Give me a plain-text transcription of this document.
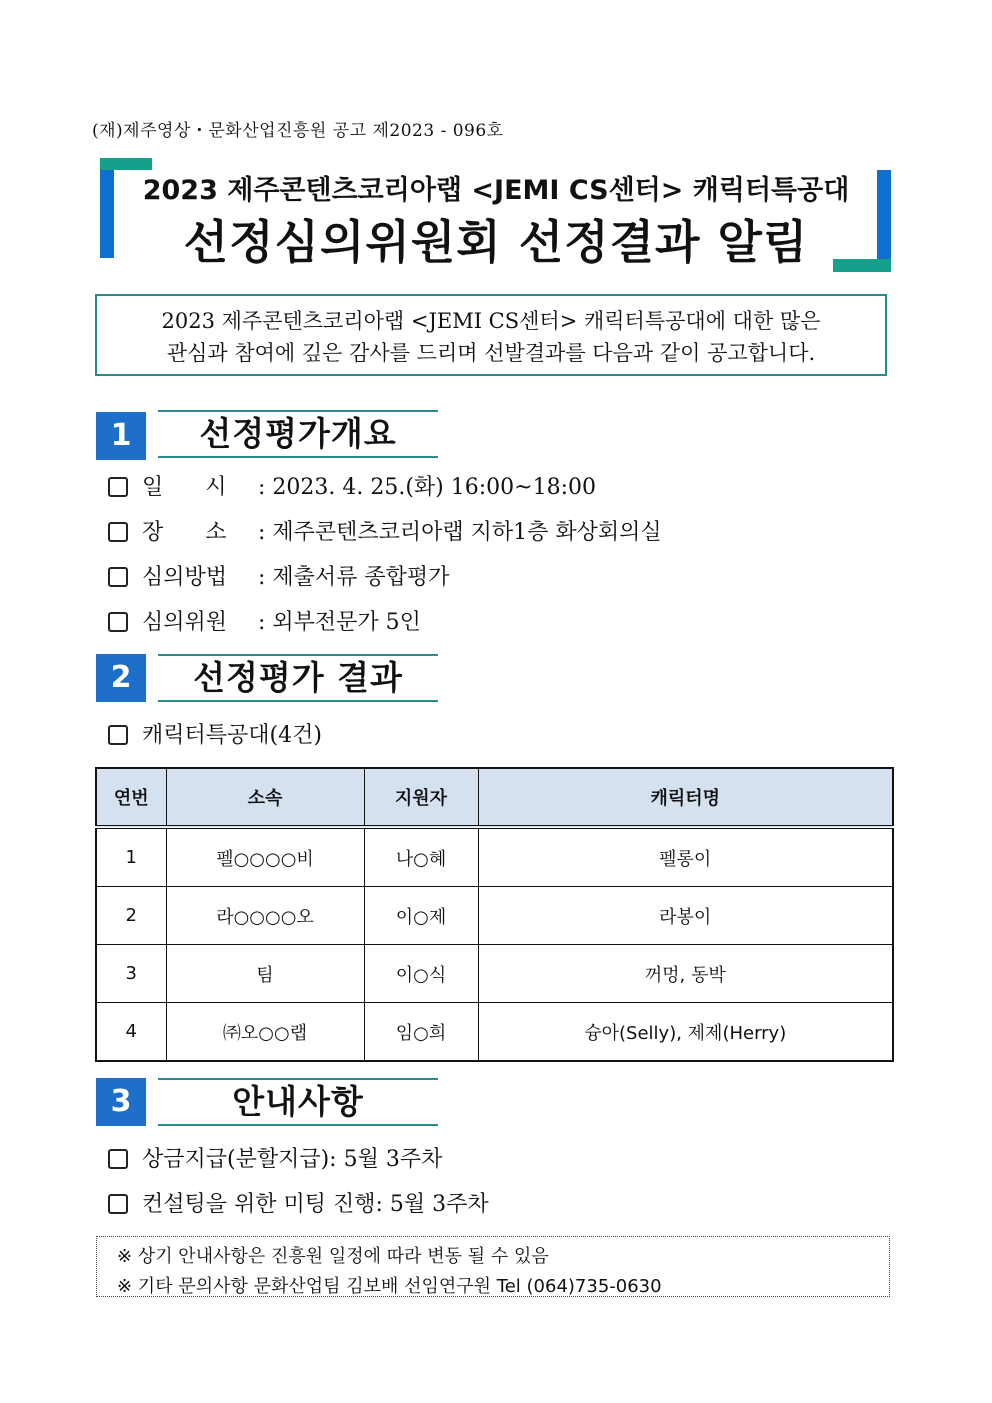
(재)제주영상・문화산업진흥원 공고 제2023 - 096호
2023 제주콘텐츠코리아랩 <JEMI CS센터> 캐릭터특공대
선정심의위원회 선정결과 알림
2023 제주콘텐츠코리아랩 <JEMI CS센터> 캐릭터특공대에 대한 많은
관심과 참여에 깊은 감사를 드리며 선발결과를 다음과 같이 공고합니다.
1	선정평가개요
일      시 : 2023. 4. 25.(화) 16:00~18:00
장      소 : 제주콘텐츠코리아랩 지하1층 화상회의실
심의방법 : 제출서류 종합평가
심의위원 : 외부전문가 5인
2	선정평가 결과
캐릭터특공대(4건)
연번	소속	지원자	캐릭터명
1	펠○○○○비	나○혜	펠롱이
2	라○○○○오	이○제	라봉이
3	팀	이○식	꺼멍, 동박
4	㈜오○○랩	임○희	슝아(Selly), 제제(Herry)
3	안내사항
상금지급(분할지급): 5월 3주차
컨설팅을 위한 미팅 진행: 5월 3주차
※ 상기 안내사항은 진흥원 일정에 따라 변동 될 수 있음
※ 기타 문의사항 문화산업팀 김보배 선임연구원 Tel (064)735-0630
